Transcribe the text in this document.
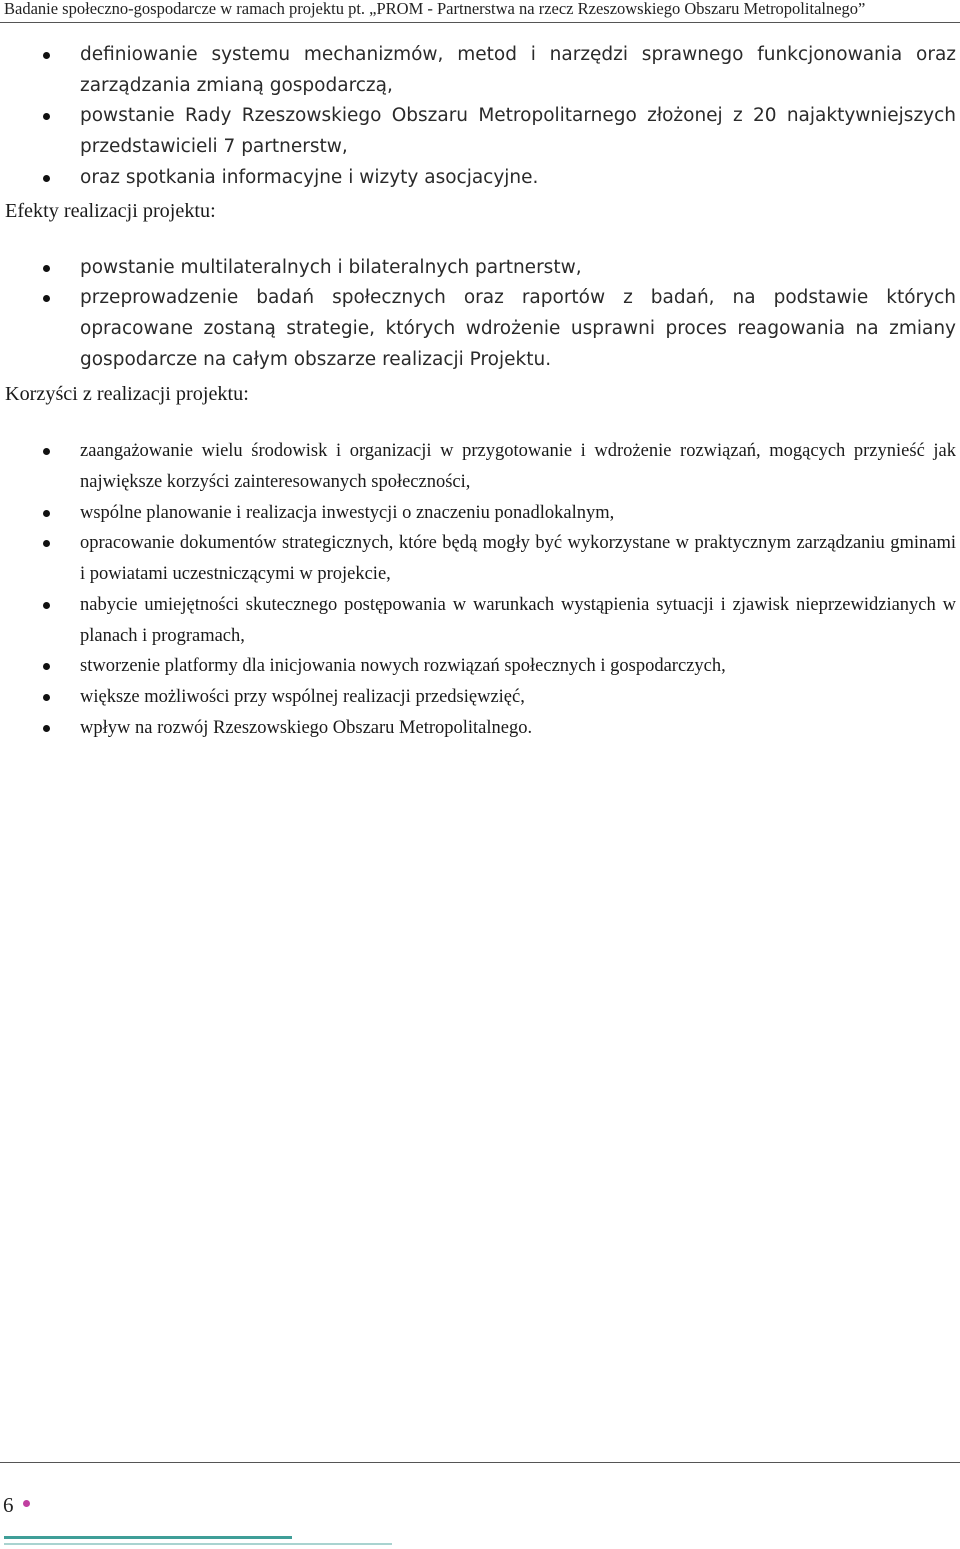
Badanie społeczno-gospodarcze w ramach projektu pt. „PROM - Partnerstwa na rzecz Rzeszowskiego Obszaru Metropolitalnego”
definiowanie systemu mechanizmów, metod i narzędzi sprawnego funkcjonowania oraz zarządzania zmianą gospodarczą,
powstanie Rady Rzeszowskiego Obszaru Metropolitarnego złożonej z 20 najaktywniejszych przedstawicieli 7 partnerstw,
oraz spotkania informacyjne i wizyty asocjacyjne.
Efekty realizacji projektu:
powstanie multilateralnych i bilateralnych partnerstw,
przeprowadzenie badań społecznych oraz raportów z badań, na podstawie których opracowane zostaną strategie, których wdrożenie usprawni proces reagowania na zmiany gospodarcze na całym obszarze realizacji Projektu.
Korzyści z realizacji projektu:
zaangażowanie wielu środowisk i organizacji w przygotowanie i wdrożenie rozwiązań, mogących przynieść jak największe korzyści zainteresowanych społeczności,
wspólne planowanie i realizacja inwestycji o znaczeniu ponadlokalnym,
opracowanie dokumentów strategicznych, które będą mogły być wykorzystane w praktycznym zarządzaniu gminami i powiatami uczestniczącymi w projekcie,
nabycie umiejętności skutecznego postępowania w warunkach wystąpienia sytuacji i zjawisk nieprzewidzianych w planach i programach,
stworzenie platformy dla inicjowania nowych rozwiązań społecznych i gospodarczych,
większe możliwości przy wspólnej realizacji przedsięwzięć,
wpływ na rozwój Rzeszowskiego Obszaru Metropolitalnego.
6
